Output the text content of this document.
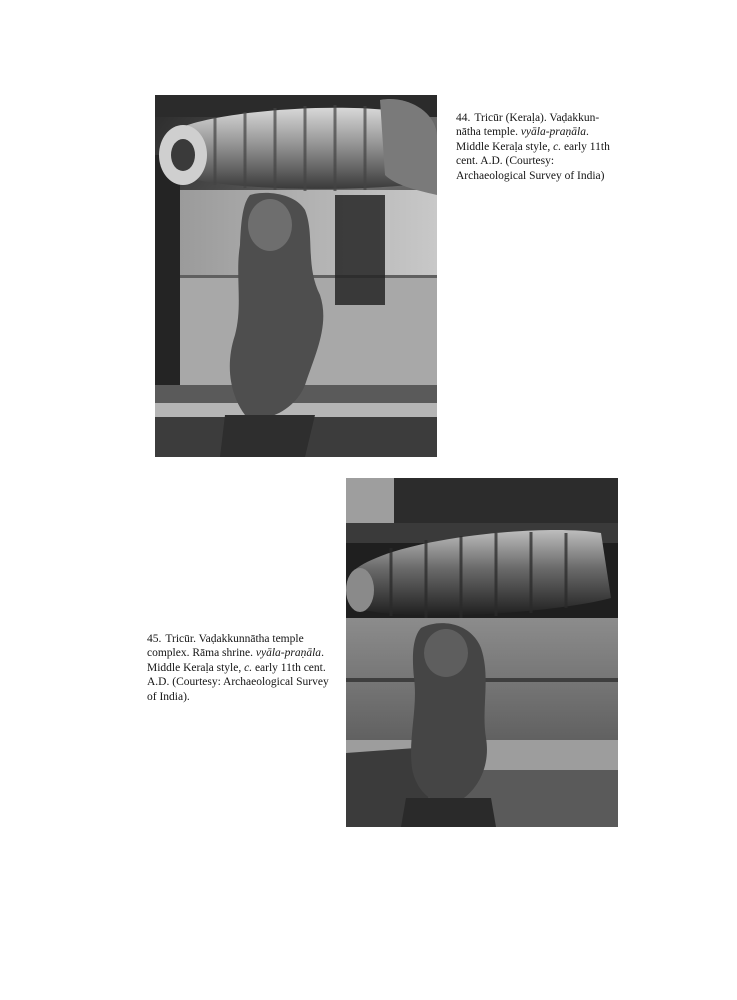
44. Tricūr (Keraḷa). Vaḍakkun-nātha temple. vyāla-praṇāla. Middle Keraḷa style, c. early 11th cent. A.D. (Courtesy: Archaeological Survey of India)
45. Tricūr. Vaḍakkunnātha temple complex. Rāma shrine. vyāla-praṇāla. Middle Keraḷa style, c. early 11th cent. A.D. (Courtesy: Archaeological Survey of India).
